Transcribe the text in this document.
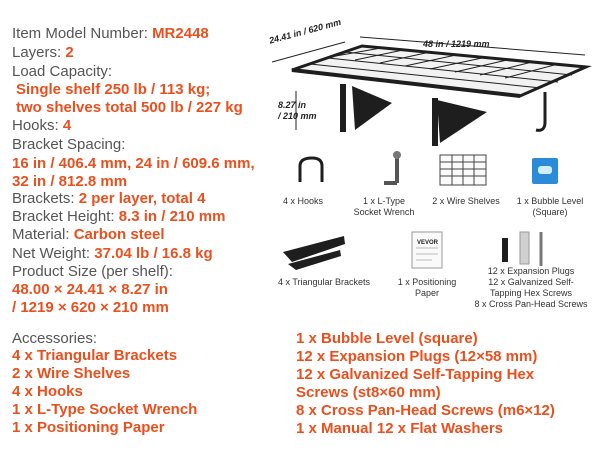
Item Model Number: MR2448
Layers: 2
Load Capacity:
Single shelf 250 lb / 113 kg;
two shelves total 500 lb / 227 kg
Hooks: 4
Bracket Spacing:
16 in / 406.4 mm, 24 in / 609.6 mm,
32 in / 812.8 mm
Brackets: 2 per layer, total 4
Bracket Height: 8.3 in / 210 mm
Material: Carbon steel
Net Weight: 37.04 lb / 16.8 kg
Product Size (per shelf):
48.00 × 24.41 × 8.27 in
/ 1219 × 620 × 210 mm
Accessories:
4 x Triangular Brackets
2 x Wire Shelves
4 x Hooks
1 x L-Type Socket Wrench
1 x Positioning Paper
1 x Bubble Level (square)
12 x Expansion Plugs (12×58 mm)
12 x Galvanized Self-Tapping Hex
Screws (st8×60 mm)
8 x Cross Pan-Head Screws (m6×12)
1 x Manual 12 x Flat Washers
24.41 in / 620 mm	48 in / 1219 mm
8.27 in
/ 210 mm
VEVOR
4 x Hooks	1 x L-Type
Socket Wrench
2 x Wire Shelves	1 x Bubble Level
(Square)
4 x Triangular Brackets	1 x Positioning
Paper
12 x Expansion Plugs
12 x Galvanized Self-
Tapping Hex Screws
8 x Cross Pan-Head Screws
